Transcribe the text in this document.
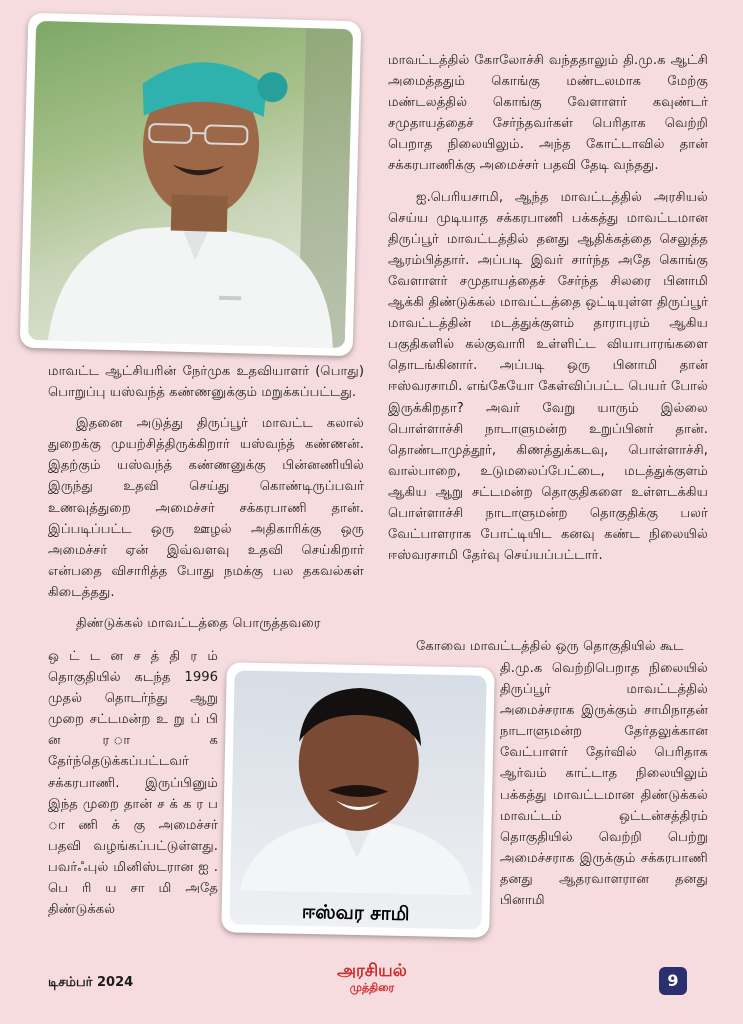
மாவட்டத்தில் கோலோச்சி வந்ததாலும் தி.மு.க ஆட்சி அமைத்ததும் கொங்கு மண்டலமாக மேற்கு மண்டலத்தில் கொங்கு வேளாளர் கவுண்டர் சமுதாயத்தைச் சேர்ந்தவர்கள் பெரிதாக வெற்றி பெறாத நிலையிலும். அந்த கோட்டாவில் தான் சக்கரபாணிக்கு அமைச்சர் பதவி தேடி வந்தது.

ஐ.பெரியசாமி, ஆந்த மாவட்டத்தில் அரசியல் செய்ய முடியாத சக்கரபாணி பக்கத்து மாவட்டமான திருப்பூர் மாவட்டத்தில் தனது ஆதிக்கத்தை செலுத்த ஆரம்பித்தார். அப்படி இவர் சார்ந்த அதே கொங்கு வேளாளர் சமுதாயத்தைச் சேர்ந்த சிலரை பினாமி ஆக்கி திண்டுக்கல் மாவட்டத்தை ஒட்டியுள்ள திருப்பூர் மாவட்டத்தின் மடத்துக்குளம் தாராபுரம் ஆகிய பகுதிகளில் கல்குவாரி உள்ளிட்ட வியாபாரங்களை தொடங்கினார். அப்படி ஒரு பினாமி தான் ஈஸ்வரசாமி. எங்கேயோ கேள்விப்பட்ட பெயர் போல் இருக்கிறதா? அவர் வேறு யாரும் இல்லை பொள்ளாச்சி நாடாளுமன்ற உறுப்பினர் தான். தொண்டாமுத்தூர், கிணத்துக்கடவு, பொள்ளாச்சி, வால்பாறை, உடுமலைப்பேட்டை, மடத்துக்குளம் ஆகிய ஆறு சட்டமன்ற தொகுதிகளை உள்ளடக்கிய பொள்ளாச்சி நாடாளுமன்ற தொகுதிக்கு பலர் வேட்பாளராக போட்டியிட கனவு கண்ட நிலையில் ஈஸ்வரசாமி தேர்வு செய்யப்பட்டார்.

மாவட்ட ஆட்சியரின் நேர்முக உதவியாளர் (பொது) பொறுப்பு யஸ்வந்த் கண்ணனுக்கும் மறுக்கப்பட்டது.

இதனை அடுத்து திருப்பூர் மாவட்ட கலால் துறைக்கு முயற்சித்திருக்கிறார் யஸ்வந்த் கண்ணன். இதற்கும் யஸ்வந்த் கண்ணனுக்கு பின்னணியில் இருந்து உதவி செய்து கொண்டிருப்பவர் உணவுத்துறை அமைச்சர் சக்கரபாணி தான். இப்படிப்பட்ட ஒரு ஊழல் அதிகாரிக்கு ஒரு அமைச்சர் ஏன் இவ்வளவு உதவி செய்கிறார் என்பதை விசாரித்த போது நமக்கு பல தகவல்கள் கிடைத்தது.

திண்டுக்கல் மாவட்டத்தை பொருத்தவரை

ஒ ட் ட ன ச த் தி ர ம் தொகுதியில் கடந்த 1996 முதல் தொடர்ந்து ஆறு முறை சட்டமன்ற உ று ப் பி ன ர ா க தேர்ந்தெடுக்கப்பட்டவர் சக்கரபாணி. இருப்பினும் இந்த முறை தான் ச க் க ர ப ா ணி க் கு அமைச்சர் பதவி வழங்கப்பட்டுள்ளது. பவர்ஃபுல் மினிஸ்டரான ஐ . பெ ரி ய சா மி அதே திண்டுக்கல்

கோவை மாவட்டத்தில் ஒரு தொகுதியில் கூட

தி.மு.க வெற்றிபெறாத நிலையில் திருப்பூர் மாவட்டத்தில் அமைச்சராக இருக்கும் சாமிநாதன் நாடாளுமன்ற தேர்தலுக்கான வேட்பாளர் தேர்வில் பெரிதாக ஆர்வம் காட்டாத நிலையிலும் பக்கத்து மாவட்டமான திண்டுக்கல் மாவட்டம் ஒட்டன்சத்திரம் தொகுதியில் வெற்றி பெற்று அமைச்சராக இருக்கும் சக்கரபாணி தனது ஆதரவாளரான தனது பினாமி

ஈஸ்வர சாமி
டிசம்பர் 2024
அரசியல்
முத்திரை	9
